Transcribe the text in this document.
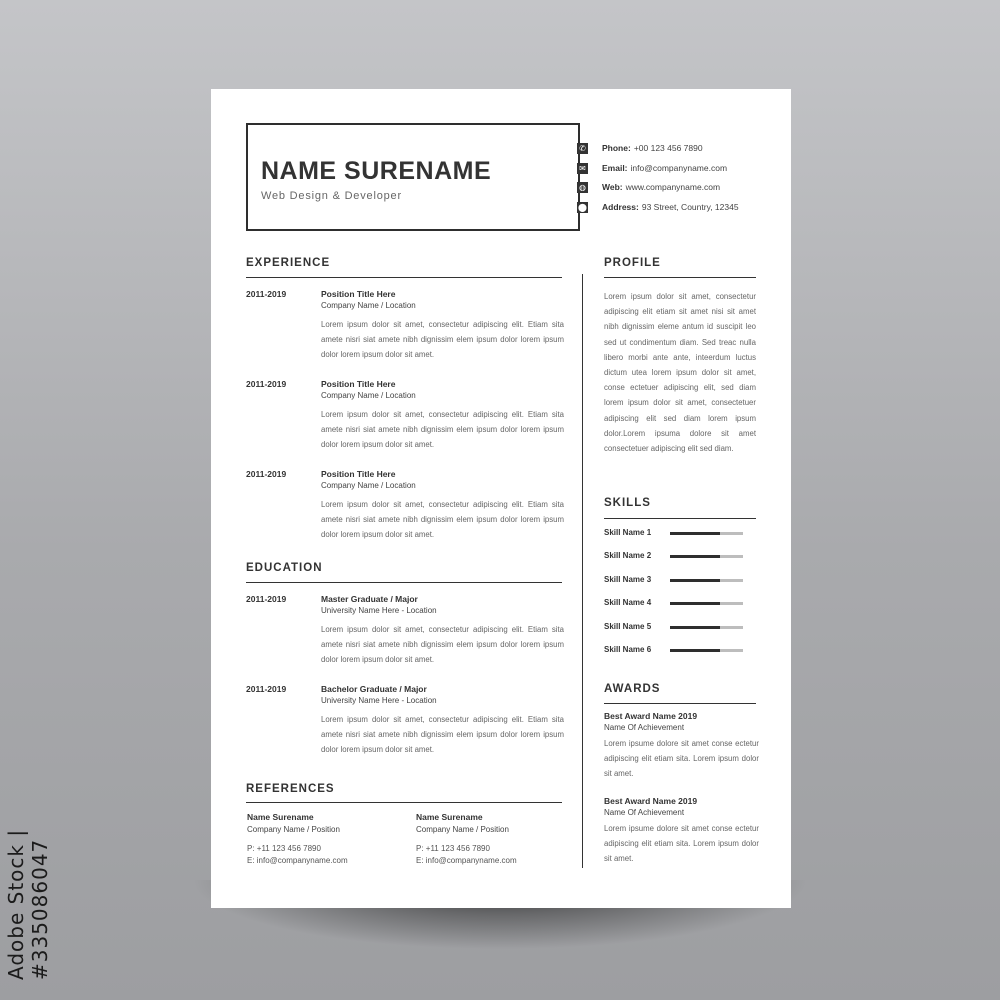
Adobe Stock | #335086047
NAME SURENAME
Web Design & Developer
✆ Phone: +00 123 456 7890
✉ Email: info@companyname.com
◍ Web: www.companyname.com
⬤ Address: 93 Street, Country, 12345
EXPERIENCE
2011-2019	Position Title Here
Company Name / Location
Lorem ipsum dolor sit amet, consectetur adipiscing elit. Etiam sita amete nisri siat amete nibh dignissim elem ipsum dolor lorem ipsum dolor lorem ipsum dolor sit amet.
2011-2019	Position Title Here
Company Name / Location
Lorem ipsum dolor sit amet, consectetur adipiscing elit. Etiam sita amete nisri siat amete nibh dignissim elem ipsum dolor lorem ipsum dolor lorem ipsum dolor sit amet.
2011-2019	Position Title Here
Company Name / Location
Lorem ipsum dolor sit amet, consectetur adipiscing elit. Etiam sita amete nisri siat amete nibh dignissim elem ipsum dolor lorem ipsum dolor lorem ipsum dolor sit amet.
EDUCATION
2011-2019	Master Graduate / Major
University Name Here - Location
Lorem ipsum dolor sit amet, consectetur adipiscing elit. Etiam sita amete nisri siat amete nibh dignissim elem ipsum dolor lorem ipsum dolor lorem ipsum dolor sit amet.
2011-2019	Bachelor Graduate / Major
University Name Here - Location
Lorem ipsum dolor sit amet, consectetur adipiscing elit. Etiam sita amete nisri siat amete nibh dignissim elem ipsum dolor lorem ipsum dolor lorem ipsum dolor sit amet.
REFERENCES
Name Surename
Company Name / Position
P: +11 123 456 7890
E: info@companyname.com
Name Surename
Company Name / Position
P: +11 123 456 7890
E: info@companyname.com
PROFILE
Lorem ipsum dolor sit amet, consectetur adipiscing elit etiam sit amet nisi sit amet nibh dignissim eleme antum id suscipit leo sed ut condimentum diam. Sed treac nulla libero morbi ante ante, inteerdum luctus dictum utea lorem ipsum dolor sit amet, conse ectetuer adipiscing elit, sed diam lorem ipsum dolor sit amet, consectetuer adipiscing elit sed diam lorem ipsum dolor.Lorem ipsuma dolore sit amet consectetuer adipiscing elit sed diam.
SKILLS
Skill Name 1
Skill Name 2
Skill Name 3
Skill Name 4
Skill Name 5
Skill Name 6
AWARDS
Best Award Name 2019
Name Of Achievement
Lorem ipsume dolore sit amet conse ectetur adipiscing elit etiam sita. Lorem ipsum dolor sit amet.
Best Award Name 2019
Name Of Achievement
Lorem ipsume dolore sit amet conse ectetur adipiscing elit etiam sita. Lorem ipsum dolor sit amet.
